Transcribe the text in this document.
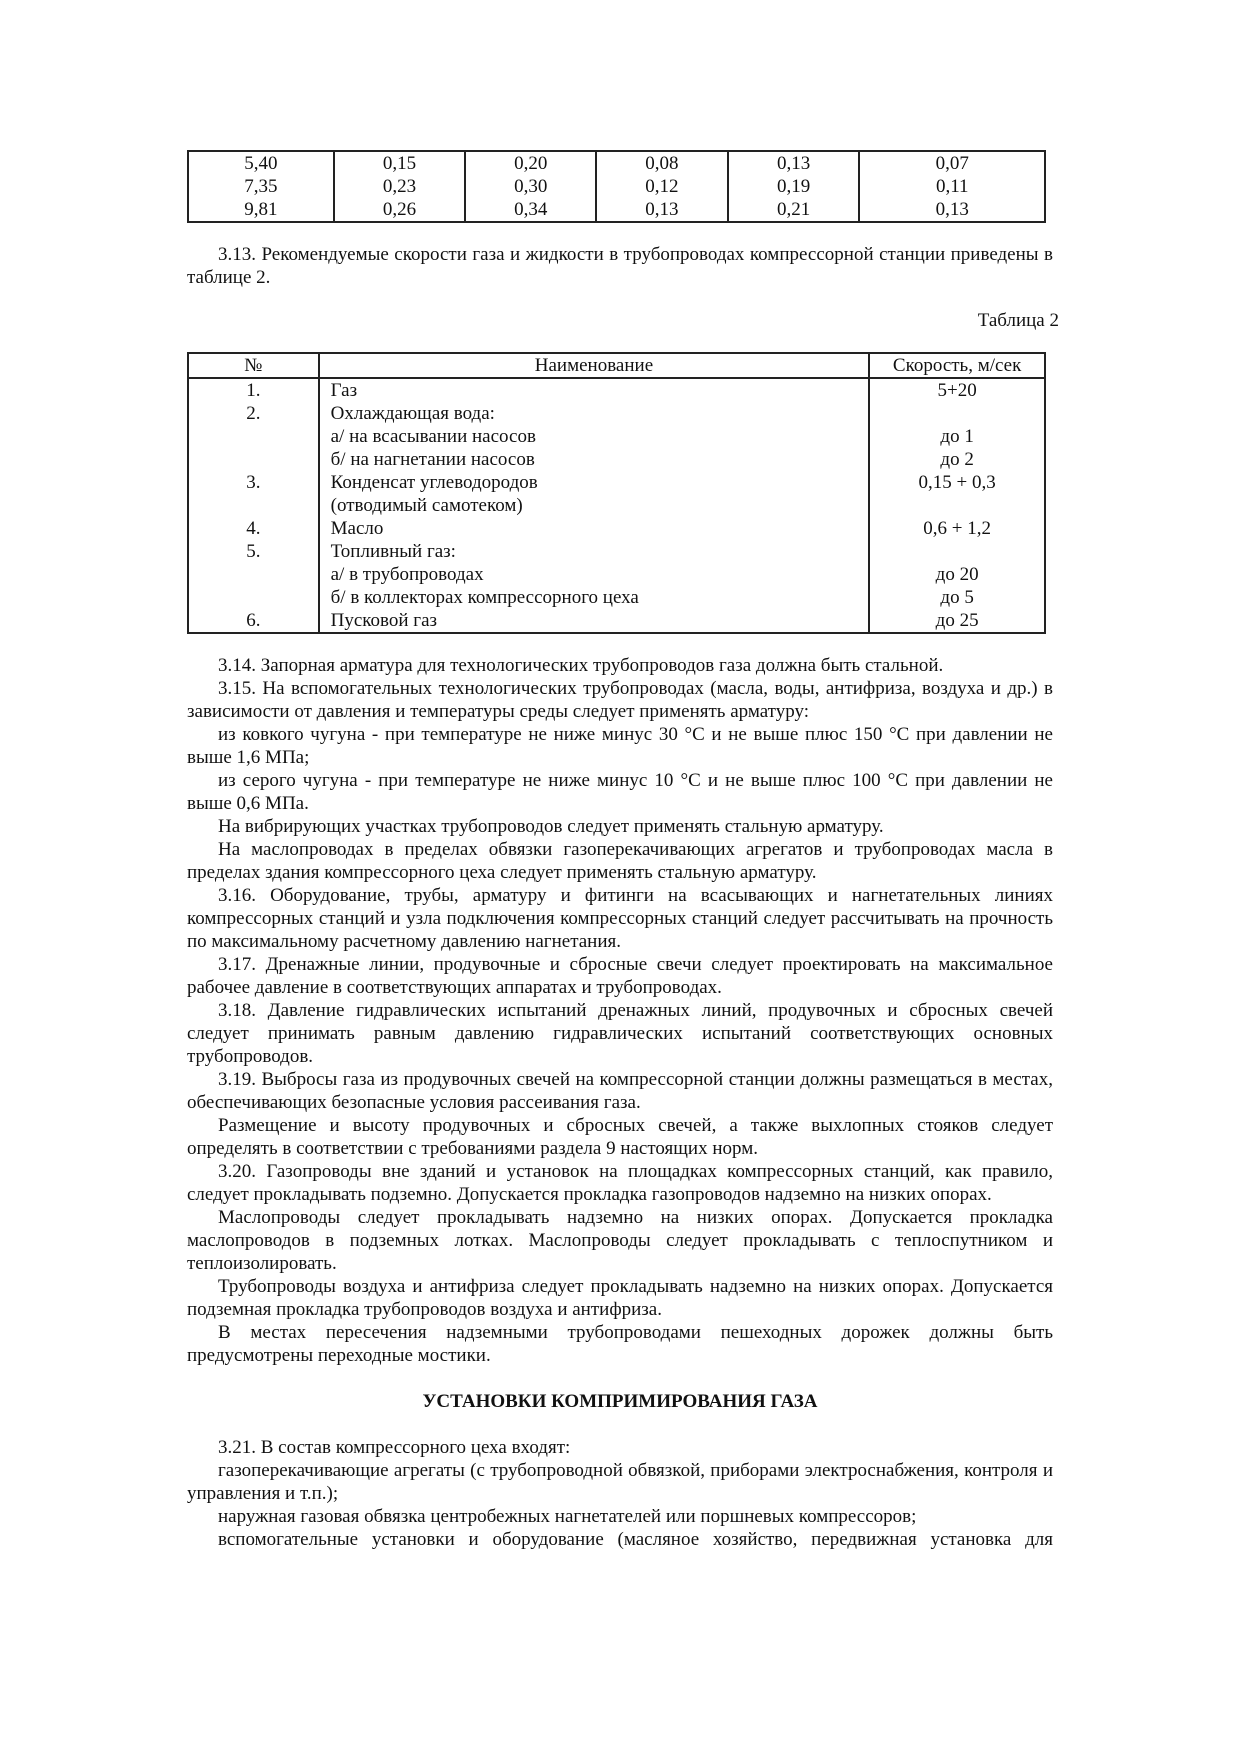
5,40	0,15	0,20	0,08	0,13	0,07
7,35	0,23	0,30	0,12	0,19	0,11
9,81	0,26	0,34	0,13	0,21	0,13

3.13. Рекомендуемые скорости газа и жидкости в трубопроводах компрессорной станции приведены в таблице 2.

Таблица 2
№	Наименование	Скорость, м/сек
1.	Газ	5+20
2.	Охлаждающая вода:	
	а/ на всасывании насосов	до 1
	б/ на нагнетании насосов	до 2
3.	Конденсат углеводородов	0,15 + 0,3
	(отводимый самотеком)	
4.	Масло	0,6 + 1,2
5.	Топливный газ:	
	а/ в трубопроводах	до 20
	б/ в коллекторах компрессорного цеха	до 5
6.	Пусковой газ	до 25

3.14. Запорная арматура для технологических трубопроводов газа должна быть стальной.

3.15. На вспомогательных технологических трубопроводах (масла, воды, антифриза, воздуха и др.) в зависимости от давления и температуры среды следует применять арматуру:

из ковкого чугуна - при температуре не ниже минус 30 °С и не выше плюс 150 °С при давлении не выше 1,6 МПа;

из серого чугуна - при температуре не ниже минус 10 °С и не выше плюс 100 °С при давлении не выше 0,6 МПа.

На вибрирующих участках трубопроводов следует применять стальную арматуру.

На маслопроводах в пределах обвязки газоперекачивающих агрегатов и трубопроводах масла в пределах здания компрессорного цеха следует применять стальную арматуру.

3.16. Оборудование, трубы, арматуру и фитинги на всасывающих и нагнетательных линиях компрессорных станций и узла подключения компрессорных станций следует рассчитывать на прочность по максимальному расчетному давлению нагнетания.

3.17. Дренажные линии, продувочные и сбросные свечи следует проектировать на максимальное рабочее давление в соответствующих аппаратах и трубопроводах.

3.18. Давление гидравлических испытаний дренажных линий, продувочных и сбросных свечей следует принимать равным давлению гидравлических испытаний соответствующих основных трубопроводов.

3.19. Выбросы газа из продувочных свечей на компрессорной станции должны размещаться в местах, обеспечивающих безопасные условия рассеивания газа.

Размещение и высоту продувочных и сбросных свечей, а также выхлопных стояков следует определять в соответствии с требованиями раздела 9 настоящих норм.

3.20. Газопроводы вне зданий и установок на площадках компрессорных станций, как правило, следует прокладывать подземно. Допускается прокладка газопроводов надземно на низких опорах.

Маслопроводы следует прокладывать надземно на низких опорах. Допускается прокладка маслопроводов в подземных лотках. Маслопроводы следует прокладывать с теплоспутником и теплоизолировать.

Трубопроводы воздуха и антифриза следует прокладывать надземно на низких опорах. Допускается подземная прокладка трубопроводов воздуха и антифриза.

В местах пересечения надземными трубопроводами пешеходных дорожек должны быть предусмотрены переходные мостики.

УСТАНОВКИ КОМПРИМИРОВАНИЯ ГАЗА

3.21. В состав компрессорного цеха входят:

газоперекачивающие агрегаты (с трубопроводной обвязкой, приборами электроснабжения, контроля и управления и т.п.);

наружная газовая обвязка центробежных нагнетателей или поршневых компрессоров;

вспомогательные установки и оборудование (масляное хозяйство, передвижная установка для
